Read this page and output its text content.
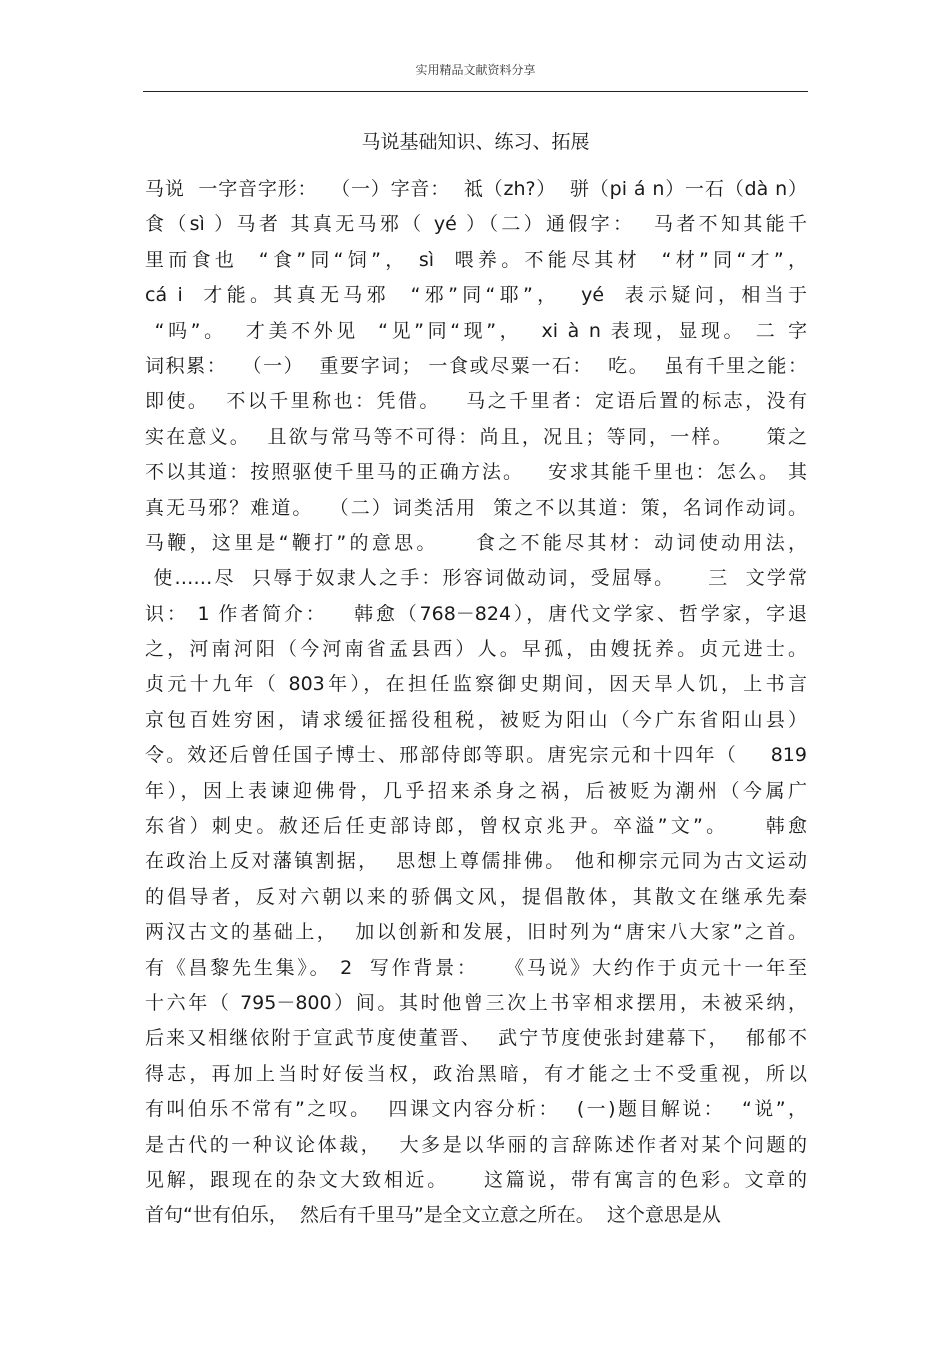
实用精品文献资料分享
马说基础知识、练习、拓展
马说  一字音字形：  （一）字音：  祗（zh?）  骈（pi á n）一石（dà n）
食（sì ）马者 其真无马邪（ yé ）（二）通假字：  马者不知其能千
里而食也  “食”同“饲”， sì  喂养。不能尽其材  “材”同“才”，
cá i  才能。其真无马邪  “邪”同“耶”，  yé  表示疑问，相当于
“吗”。  才美不外见  “见”同“现”，  xi à n 表现，显现。 二 字
词积累：  （一）  重要字词； 一食或尽粟一石：  吃。  虽有千里之能：
即使。  不以千里称也：凭借。   马之千里者：定语后置的标志，没有
实在意义。  且欲与常马等不可得：尚且，况且；等同，一样。    策之
不以其道：按照驱使千里马的正确方法。   安求其能千里也：怎么。 其
真无马邪？难道。  （二）词类活用  策之不以其道：策，名词作动词。
马鞭，这里是“鞭打”的意思。    食之不能尽其材：动词使动用法，
使……尽  只辱于奴隶人之手：形容词做动词，受屈辱。    三  文学常
识： 1 作者简介：   韩愈（768－824），唐代文学家、哲学家，字退
之，河南河阳（今河南省孟县西）人。早孤，由嫂抚养。贞元进士。
贞元十九年（ 803年），在担任监察御史期间，因天旱人饥，上书言
京包百姓穷困，请求缓征摇役租税，被贬为阳山（今广东省阳山县）
令。效还后曾任国子博士、邢部侍郎等职。唐宪宗元和十四年（    819
年），因上表谏迎佛骨，几乎招来杀身之祸，后被贬为潮州（今属广
东省）刺史。赦还后任吏部诗郎，曾权京兆尹。卒溢”文”。    韩愈
在政治上反对藩镇割据，  思想上尊儒排佛。 他和柳宗元同为古文运动
的倡导者，反对六朝以来的骄偶文风，提倡散体，其散文在继承先秦
两汉古文的基础上，  加以创新和发展，旧时列为“唐宋八大家”之首。
有《昌黎先生集》。 2  写作背景：   《马说》大约作于贞元十一年至
十六年（ 795－800）间。其时他曾三次上书宰相求摆用，未被采纳，
后来又相继依附于宣武节度使董晋、  武宁节度使张封建幕下，  郁郁不
得志，再加上当时好佞当权，政治黑暗，有才能之士不受重视，所以
有叫伯乐不常有”之叹。  四课文内容分析：  (一)题目解说：  “说”，
是古代的一种议论体裁，  大多是以华丽的言辞陈述作者对某个问题的
见解，跟现在的杂文大致相近。    这篇说，带有寓言的色彩。文章的
首句“世有伯乐，  然后有千里马”是全文立意之所在。  这个意思是从
